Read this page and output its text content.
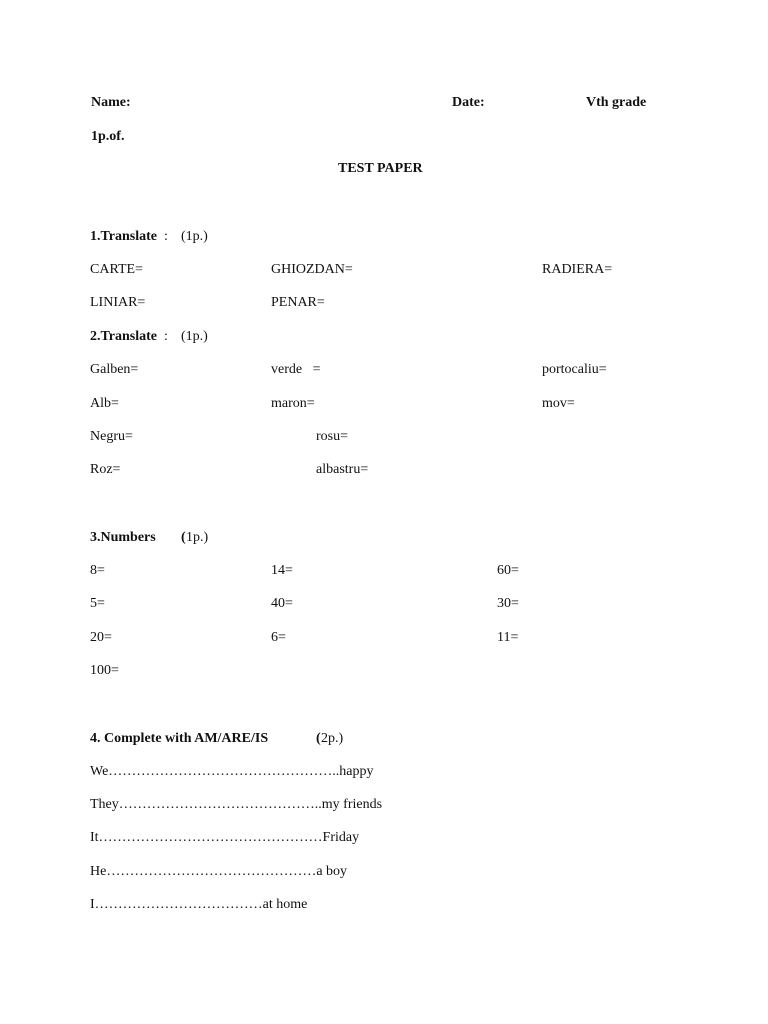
Name:	Date:	Vth grade
1p.of.
TEST PAPER
1.Translate : (1p.)
CARTE=	GHIOZDAN=	RADIERA=
LINIAR=	PENAR=
2.Translate : (1p.)
Galben=	verde   =	portocaliu=
Alb=	maron=	mov=
Negru=	rosu=
Roz=	albastru=
3.Numbers ( 1p.)
8=	14=	60=
5=	40=	30=
20=	6=	11=
100=
4. Complete with AM/ARE/IS	( 2p.)
We…………………………………………..happy
They……………………………………..my friends
It…………………………………………Friday
He………………………………………a boy
I………………………………at home
